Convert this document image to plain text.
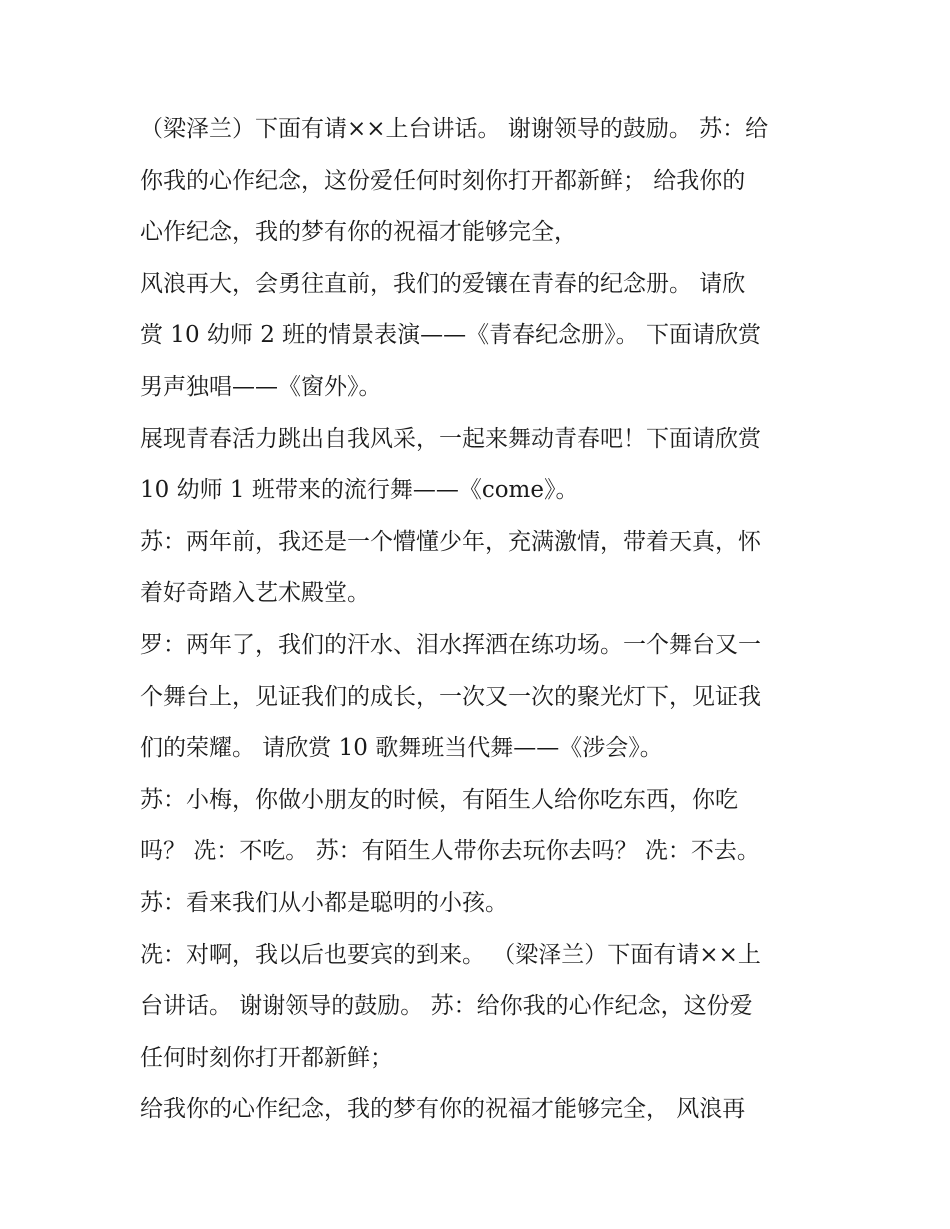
（梁泽兰）下面有请××上台讲话。 谢谢领导的鼓励。 苏：给
你我的心作纪念，这份爱任何时刻你打开都新鲜； 给我你的
心作纪念，我的梦有你的祝福才能够完全，
风浪再大，会勇往直前，我们的爱镶在青春的纪念册。 请欣
赏 10 幼师 2 班的情景表演——《青春纪念册》。 下面请欣赏
男声独唱——《窗外》。
展现青春活力跳出自我风采，一起来舞动青春吧！下面请欣赏
10 幼师 1 班带来的流行舞——《come》。
苏：两年前，我还是一个懵懂少年，充满激情，带着天真，怀
着好奇踏入艺术殿堂。
罗：两年了，我们的汗水、泪水挥洒在练功场。一个舞台又一
个舞台上，见证我们的成长，一次又一次的聚光灯下，见证我
们的荣耀。 请欣赏 10 歌舞班当代舞——《涉会》。
苏：小梅，你做小朋友的时候，有陌生人给你吃东西，你吃
吗？ 冼：不吃。 苏：有陌生人带你去玩你去吗？ 冼：不去。
苏：看来我们从小都是聪明的小孩。
冼：对啊，我以后也要宾的到来。 （梁泽兰）下面有请××上
台讲话。 谢谢领导的鼓励。 苏：给你我的心作纪念，这份爱
任何时刻你打开都新鲜；
给我你的心作纪念，我的梦有你的祝福才能够完全， 风浪再
